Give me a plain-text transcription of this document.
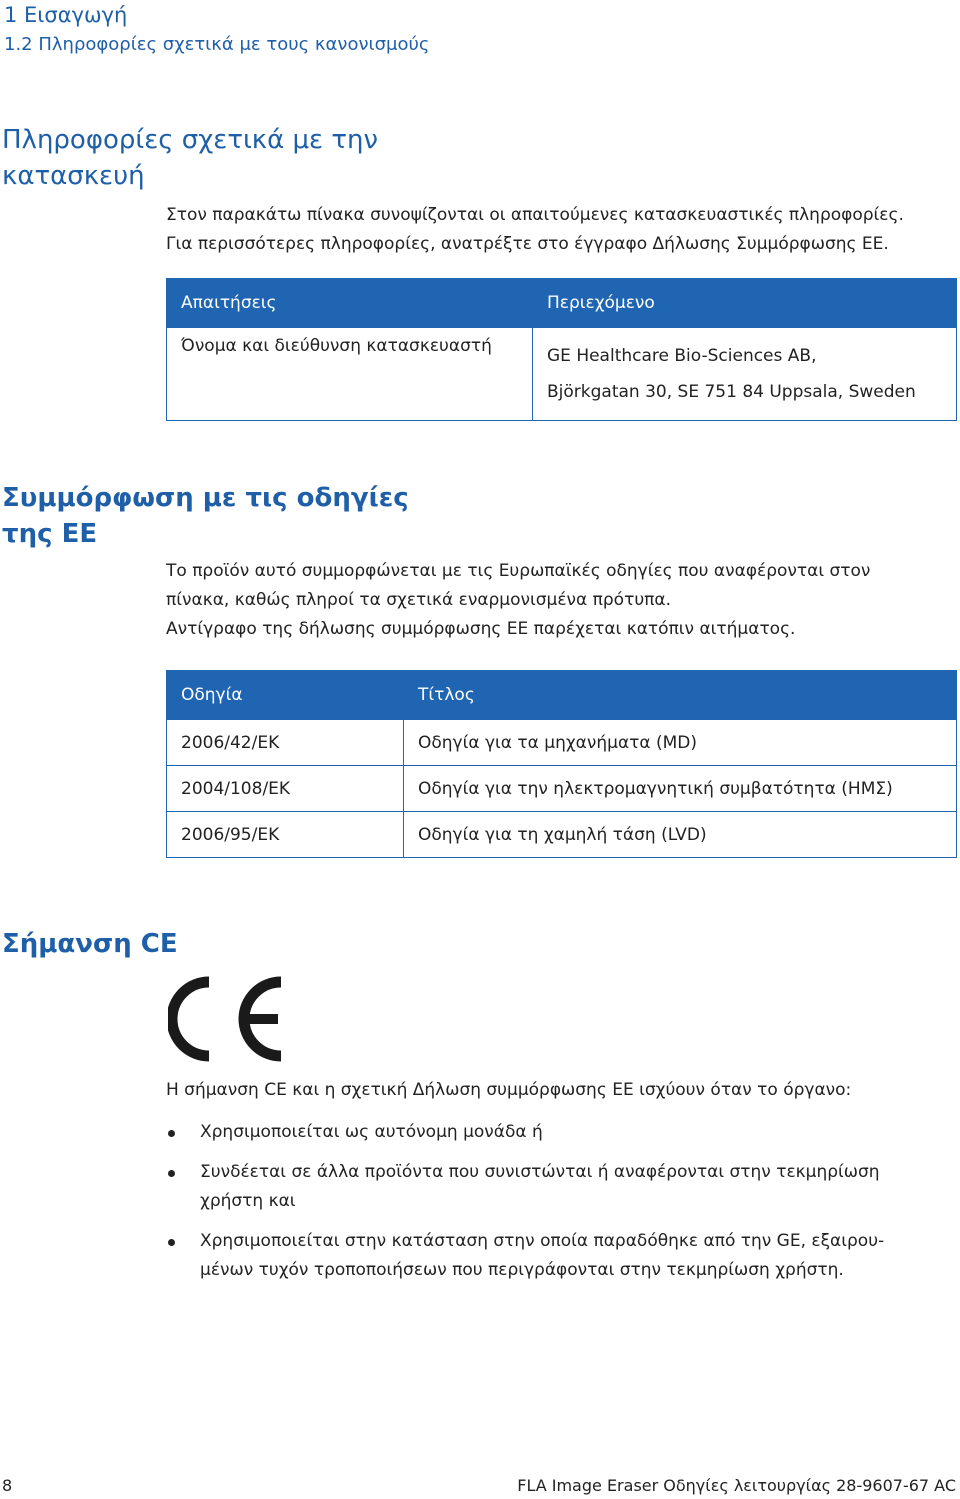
1 Εισαγωγή
1.2 Πληροφορίες σχετικά με τους κανονισμούς
Πληροφορίες σχετικά με την κατασκευή
Στον παρακάτω πίνακα συνοψίζονται οι απαιτούμενες κατασκευαστικές πληροφορίες.
Για περισσότερες πληροφορίες, ανατρέξτε στο έγγραφο Δήλωσης Συμμόρφωσης ΕΕ.
Απαιτήσεις	Περιεχόμενο
Όνομα και διεύθυνση κατασκευαστή	GE Healthcare Bio-Sciences AB,
Björkgatan 30, SE 751 84 Uppsala, Sweden
Συμμόρφωση με τις οδηγίες της ΕΕ
Το προϊόν αυτό συμμορφώνεται με τις Ευρωπαϊκές οδηγίες που αναφέρονται στον
πίνακα, καθώς πληροί τα σχετικά εναρμονισμένα πρότυπα.
Αντίγραφο της δήλωσης συμμόρφωσης ΕΕ παρέχεται κατόπιν αιτήματος.
Οδηγία	Τίτλος
2006/42/ΕΚ	Οδηγία για τα μηχανήματα (MD)
2004/108/ΕΚ	Οδηγία για την ηλεκτρομαγνητική συμβατότητα (ΗΜΣ)
2006/95/ΕΚ	Οδηγία για τη χαμηλή τάση (LVD)
Σήμανση CE
Η σήμανση CE και η σχετική Δήλωση συμμόρφωσης ΕΕ ισχύουν όταν το όργανο:
Χρησιμοποιείται ως αυτόνομη μονάδα ή
Συνδέεται σε άλλα προϊόντα που συνιστώνται ή αναφέρονται στην τεκμηρίωση
χρήστη και
Χρησιμοποιείται στην κατάσταση στην οποία παραδόθηκε από την GE, εξαιρου-
μένων τυχόν τροποποιήσεων που περιγράφονται στην τεκμηρίωση χρήστη.
8	FLA Image Eraser Οδηγίες λειτουργίας 28-9607-67 AC
